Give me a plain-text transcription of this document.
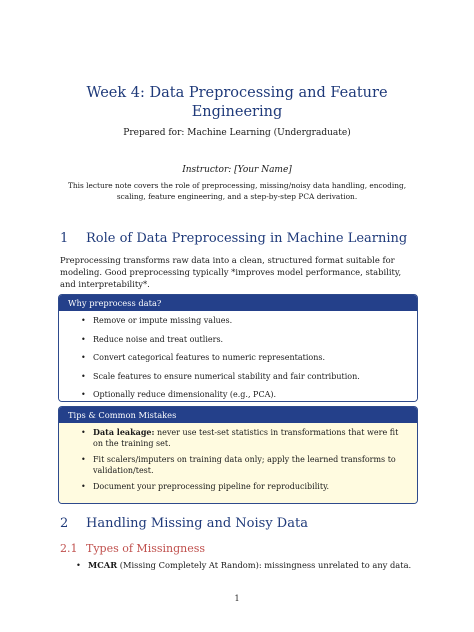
Week 4: Data Preprocessing and Feature Engineering
Prepared for: Machine Learning (Undergraduate)
Instructor: [Your Name]
This lecture note covers the role of preprocessing, missing/noisy data handling, encoding, scaling, feature engineering, and a step-by-step PCA derivation.
1 Role of Data Preprocessing in Machine Learning
Preprocessing transforms raw data into a clean, structured format suitable for modeling. Good preprocessing typically *improves model performance, stability, and interpretability*.
Why preprocess data?
• Remove or impute missing values.
• Reduce noise and treat outliers.
• Convert categorical features to numeric representations.
• Scale features to ensure numerical stability and fair contribution.
• Optionally reduce dimensionality (e.g., PCA).
Tips & Common Mistakes
• Data leakage: never use test-set statistics in transformations that were fit on the training set.
• Fit scalers/imputers on training data only; apply the learned transforms to validation/test.
• Document your preprocessing pipeline for reproducibility.
2 Handling Missing and Noisy Data
2.1 Types of Missingness
• MCAR (Missing Completely At Random): missingness unrelated to any data.
1
